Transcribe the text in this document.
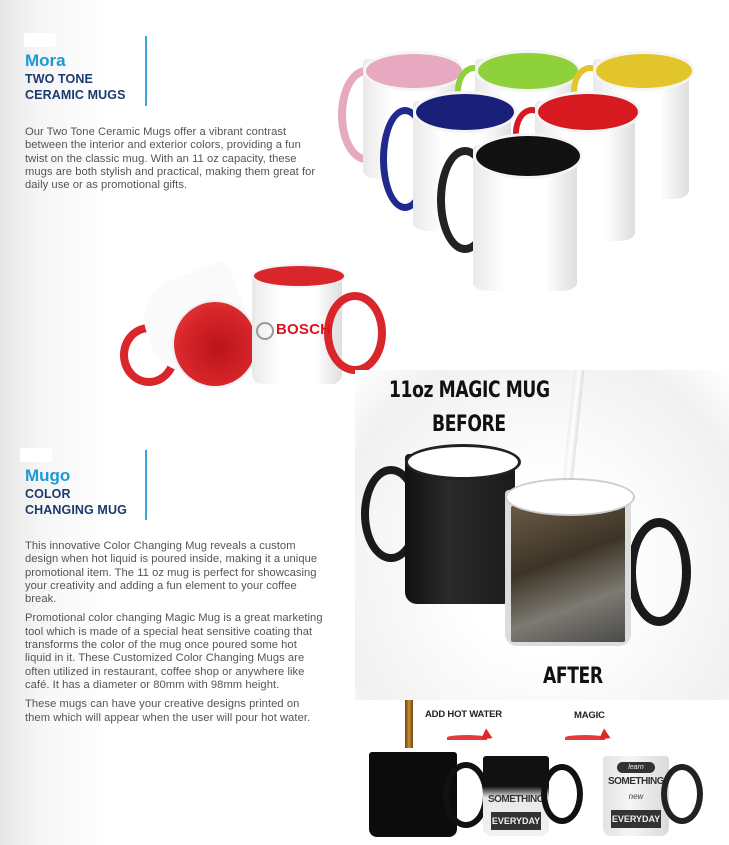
Mora
TWO TONE
CERAMIC MUGS

Our Two Tone Ceramic Mugs offer a vibrant contrast between the interior and exterior colors, providing a fun twist on the classic mug. With an 11 oz capacity, these mugs are both stylish and practical, making them great for daily use or as promotional gifts.

BOSCH
Mugo
COLOR
CHANGING MUG

This innovative Color Changing Mug reveals a custom design when hot liquid is poured inside, making it a unique promotional item. The 11 oz mug is perfect for showcasing your creativity and adding a fun element to your coffee break.

Promotional color changing Magic Mug is a great marketing tool which is made of a special heat sensitive coating that transforms the color of the mug once poured some hot liquid in it. These Customized Color Changing Mugs are often utilized in restaurant, coffee shop or anywhere like café. It has a diameter or 80mm with 98mm height.

These mugs can have your creative designs printed on them which will appear when the user will pour hot water.

11oz MAGIC MUG
BEFORE
AFTER
ADD HOT WATER
SOMETHING
EVERYDAY
MAGIC
learn
SOMETHING
new
EVERYDAY
